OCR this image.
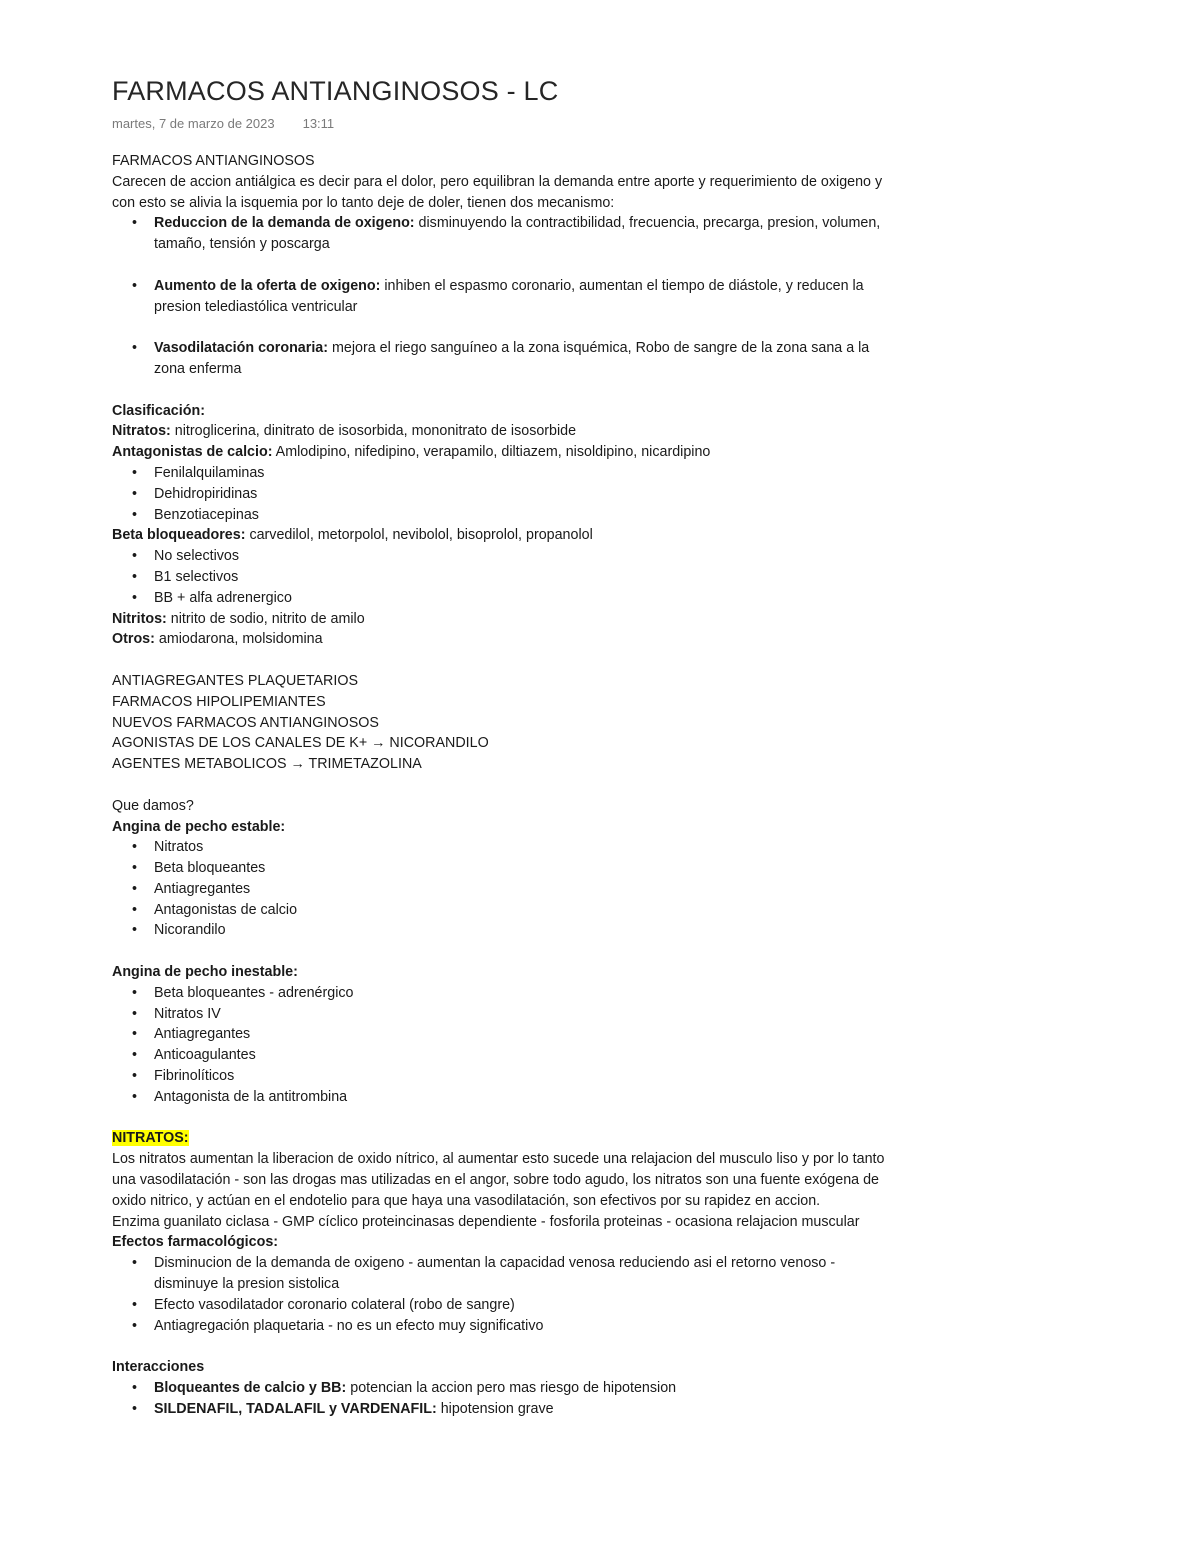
FARMACOS ANTIANGINOSOS - LC
martes, 7 de marzo de 2023 13:11
FARMACOS ANTIANGINOSOS
Carecen de accion antiálgica es decir para el dolor, pero equilibran la demanda entre aporte y requerimiento de oxigeno y con esto se alivia la isquemia por lo tanto deje de doler, tienen dos mecanismo:
• Reduccion de la demanda de oxigeno: disminuyendo la contractibilidad, frecuencia, precarga, presion, volumen, tamaño, tensión y poscarga
• Aumento de la oferta de oxigeno: inhiben el espasmo coronario, aumentan el tiempo de diástole, y reducen la presion telediastólica ventricular
• Vasodilatación coronaria: mejora el riego sanguíneo a la zona isquémica, Robo de sangre de la zona sana a la zona enferma
Clasificación:
Nitratos: nitroglicerina, dinitrato de isosorbida, mononitrato de isosorbide
Antagonistas de calcio: Amlodipino, nifedipino, verapamilo, diltiazem, nisoldipino, nicardipino
• Fenilalquilaminas
• Dehidropiridinas
• Benzotiacepinas
Beta bloqueadores: carvedilol, metorpolol, nevibolol, bisoprolol, propanolol
• No selectivos
• B1 selectivos
• BB + alfa adrenergico
Nitritos: nitrito de sodio, nitrito de amilo
Otros: amiodarona, molsidomina
ANTIAGREGANTES PLAQUETARIOS
FARMACOS HIPOLIPEMIANTES
NUEVOS FARMACOS ANTIANGINOSOS
AGONISTAS DE LOS CANALES DE K+ → NICORANDILO
AGENTES METABOLICOS → TRIMETAZOLINA
Que damos?
Angina de pecho estable:
• Nitratos
• Beta bloqueantes
• Antiagregantes
• Antagonistas de calcio
• Nicorandilo
Angina de pecho inestable:
• Beta bloqueantes - adrenérgico
• Nitratos IV
• Antiagregantes
• Anticoagulantes
• Fibrinolíticos
• Antagonista de la antitrombina
NITRATOS:
Los nitratos aumentan la liberacion de oxido nítrico, al aumentar esto sucede una relajacion del musculo liso y por lo tanto una vasodilatación - son las drogas mas utilizadas en el angor, sobre todo agudo, los nitratos son una fuente exógena de oxido nitrico, y actúan en el endotelio para que haya una vasodilatación, son efectivos por su rapidez en accion.
Enzima guanilato ciclasa - GMP cíclico proteincinasas dependiente - fosforila proteinas - ocasiona relajacion muscular
Efectos farmacológicos:
• Disminucion de la demanda de oxigeno - aumentan la capacidad venosa reduciendo asi el retorno venoso - disminuye la presion sistolica
• Efecto vasodilatador coronario colateral (robo de sangre)
• Antiagregación plaquetaria - no es un efecto muy significativo
Interacciones
• Bloqueantes de calcio y BB: potencian la accion pero mas riesgo de hipotension
• SILDENAFIL, TADALAFIL y VARDENAFIL: hipotension grave
